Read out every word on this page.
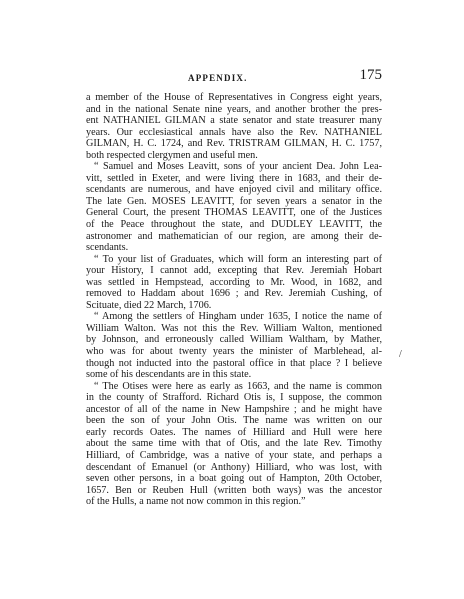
APPENDIX.	175

a member of the House of Representatives in Congress eight years,
and in the national Senate nine years, and another brother the pres-
ent NATHANIEL GILMAN a state senator and state treasurer many
years. Our ecclesiastical annals have also the Rev. NATHANIEL
GILMAN, H. C. 1724, and Rev. TRISTRAM GILMAN, H. C. 1757,
both respected clergymen and useful men.

“ Samuel and Moses Leavitt, sons of your ancient Dea. John Lea-
vitt, settled in Exeter, and were living there in 1683, and their de-
scendants are numerous, and have enjoyed civil and military office.
The late Gen. MOSES LEAVITT, for seven years a senator in the
General Court, the present THOMAS LEAVITT, one of the Justices
of the Peace throughout the state, and DUDLEY LEAVITT, the
astronomer and mathematician of our region, are among their de-
scendants.

“ To your list of Graduates, which will form an interesting part of
your History, I cannot add, excepting that Rev. Jeremiah Hobart
was settled in Hempstead, according to Mr. Wood, in 1682, and
removed to Haddam about 1696 ; and Rev. Jeremiah Cushing, of
Scituate, died 22 March, 1706.

“ Among the settlers of Hingham under 1635, I notice the name of
William Walton. Was not this the Rev. William Walton, mentioned
by Johnson, and erroneously called William Waltham, by Mather,
who was for about twenty years the minister of Marblehead, al-
though not inducted into the pastoral office in that place ? I believe
some of his descendants are in this state.

“ The Otises were here as early as 1663, and the name is common
in the county of Strafford. Richard Otis is, I suppose, the common
ancestor of all of the name in New Hampshire ; and he might have
been the son of your John Otis. The name was written on our
early records Oates. The names of Hilliard and Hull were here
about the same time with that of Otis, and the late Rev. Timothy
Hilliard, of Cambridge, was a native of your state, and perhaps a
descendant of Emanuel (or Anthony) Hilliard, who was lost, with
seven other persons, in a boat going out of Hampton, 20th October,
1657. Ben or Reuben Hull (written both ways) was the ancestor
of the Hulls, a name not now common in this region.”

/
